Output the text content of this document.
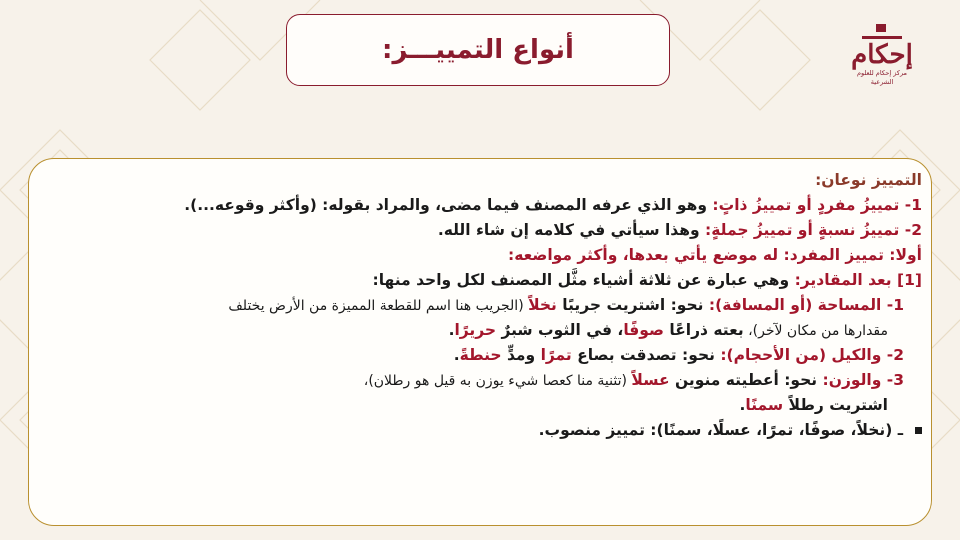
أنواع التمييـــز:	إحكام
مركز إحكام للعلوم الشرعية
التمييز نوعان:
1- تمييزُ مفردٍ أو تمييزُ ذاتٍ: وهو الذي عرفه المصنف فيما مضى، والمراد بقوله: (وأكثر وقوعه...).
2- تمييزُ نسبةٍ أو تمييزُ جملةٍ: وهذا سيأتي في كلامه إن شاء الله.
أولا: تمييز المفرد: له موضع يأتي بعدها، وأكثر مواضعه:
[1] بعد المقادير: وهي عبارة عن ثلاثة أشياء مثَّل المصنف لكل واحد منها:
1- المساحة (أو المسافة): نحو: اشتريت جريبًا نخلاً (الجريب هنا اسم للقطعة المميزة من الأرض يختلف
مقدارها من مكان لآخر)، بعته ذراعًا صوفًا، في الثوب شبرٌ حريرًا.
2- والكيل (من الأحجام): نحو: تصدقت بصاع تمرًا ومدٍّ حنطةً.
3- والوزن: نحو: أعطيته منوين عسلاً (تثنية منا كعصا شيء يوزن به قيل هو رطلان)،
اشتريت رطلاً سمنًا.
ـ (نخلاً، صوفًا، تمرًا، عسلًا، سمنًا): تمييز منصوب.
